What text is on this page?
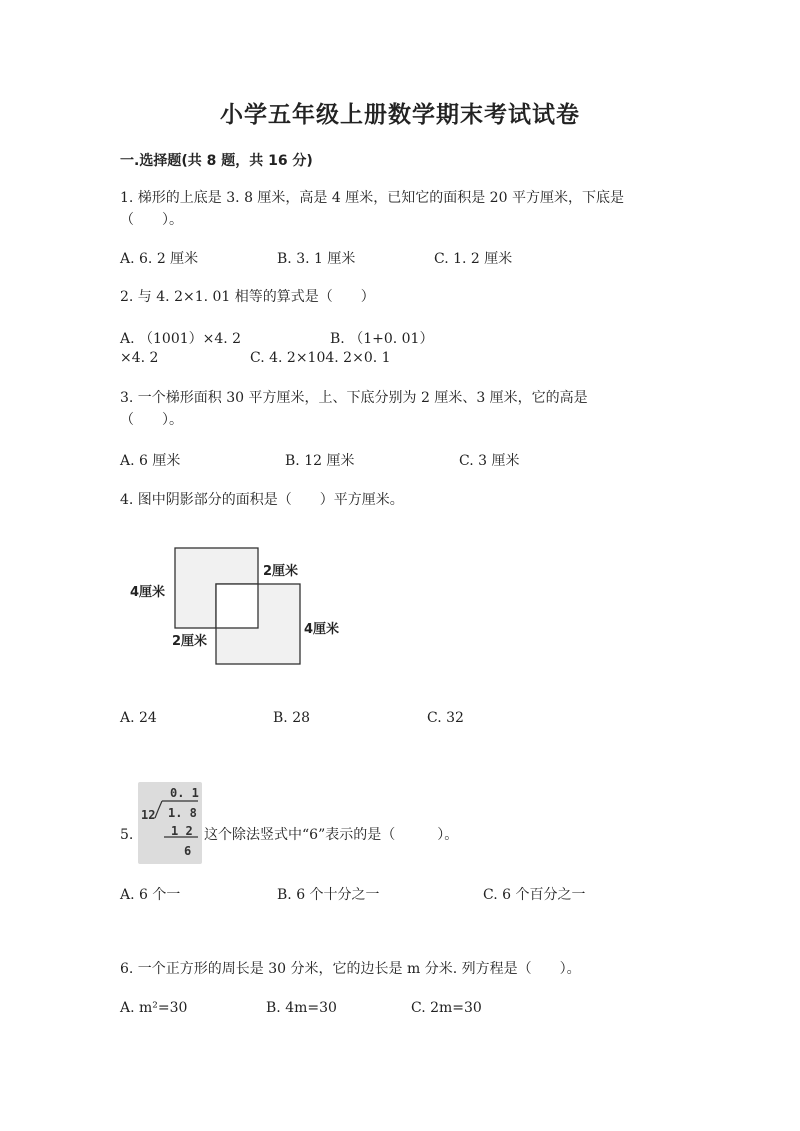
小学五年级上册数学期末考试试卷
一.选择题(共 8 题，共 16 分)
1. 梯形的上底是 3. 8 厘米，高是 4 厘米，已知它的面积是 20 平方厘米，下底是
（　　）。
A. 6. 2 厘米	B. 3. 1 厘米	C. 1. 2 厘米
2. 与 4. 2×1. 01 相等的算式是（　　）
A. （1001）×4. 2	B. （1+0. 01）
×4. 2	C. 4. 2×104. 2×0. 1
3. 一个梯形面积 30 平方厘米，上、下底分别为 2 厘米、3 厘米，它的高是
（　　）。
A. 6 厘米	B. 12 厘米	C. 3 厘米
4. 图中阴影部分的面积是（　　）平方厘米。
4厘米
2厘米
2厘米
4厘米
A. 24	B. 28	C. 32
0. 1
12 1. 8
1 2
6
5.	这个除法竖式中“6”表示的是（　　　）。
A. 6 个一	B. 6 个十分之一	C. 6 个百分之一
6. 一个正方形的周长是 30 分米，它的边长是 m 分米. 列方程是（　　）。
A. m²=30	B. 4m=30	C. 2m=30
